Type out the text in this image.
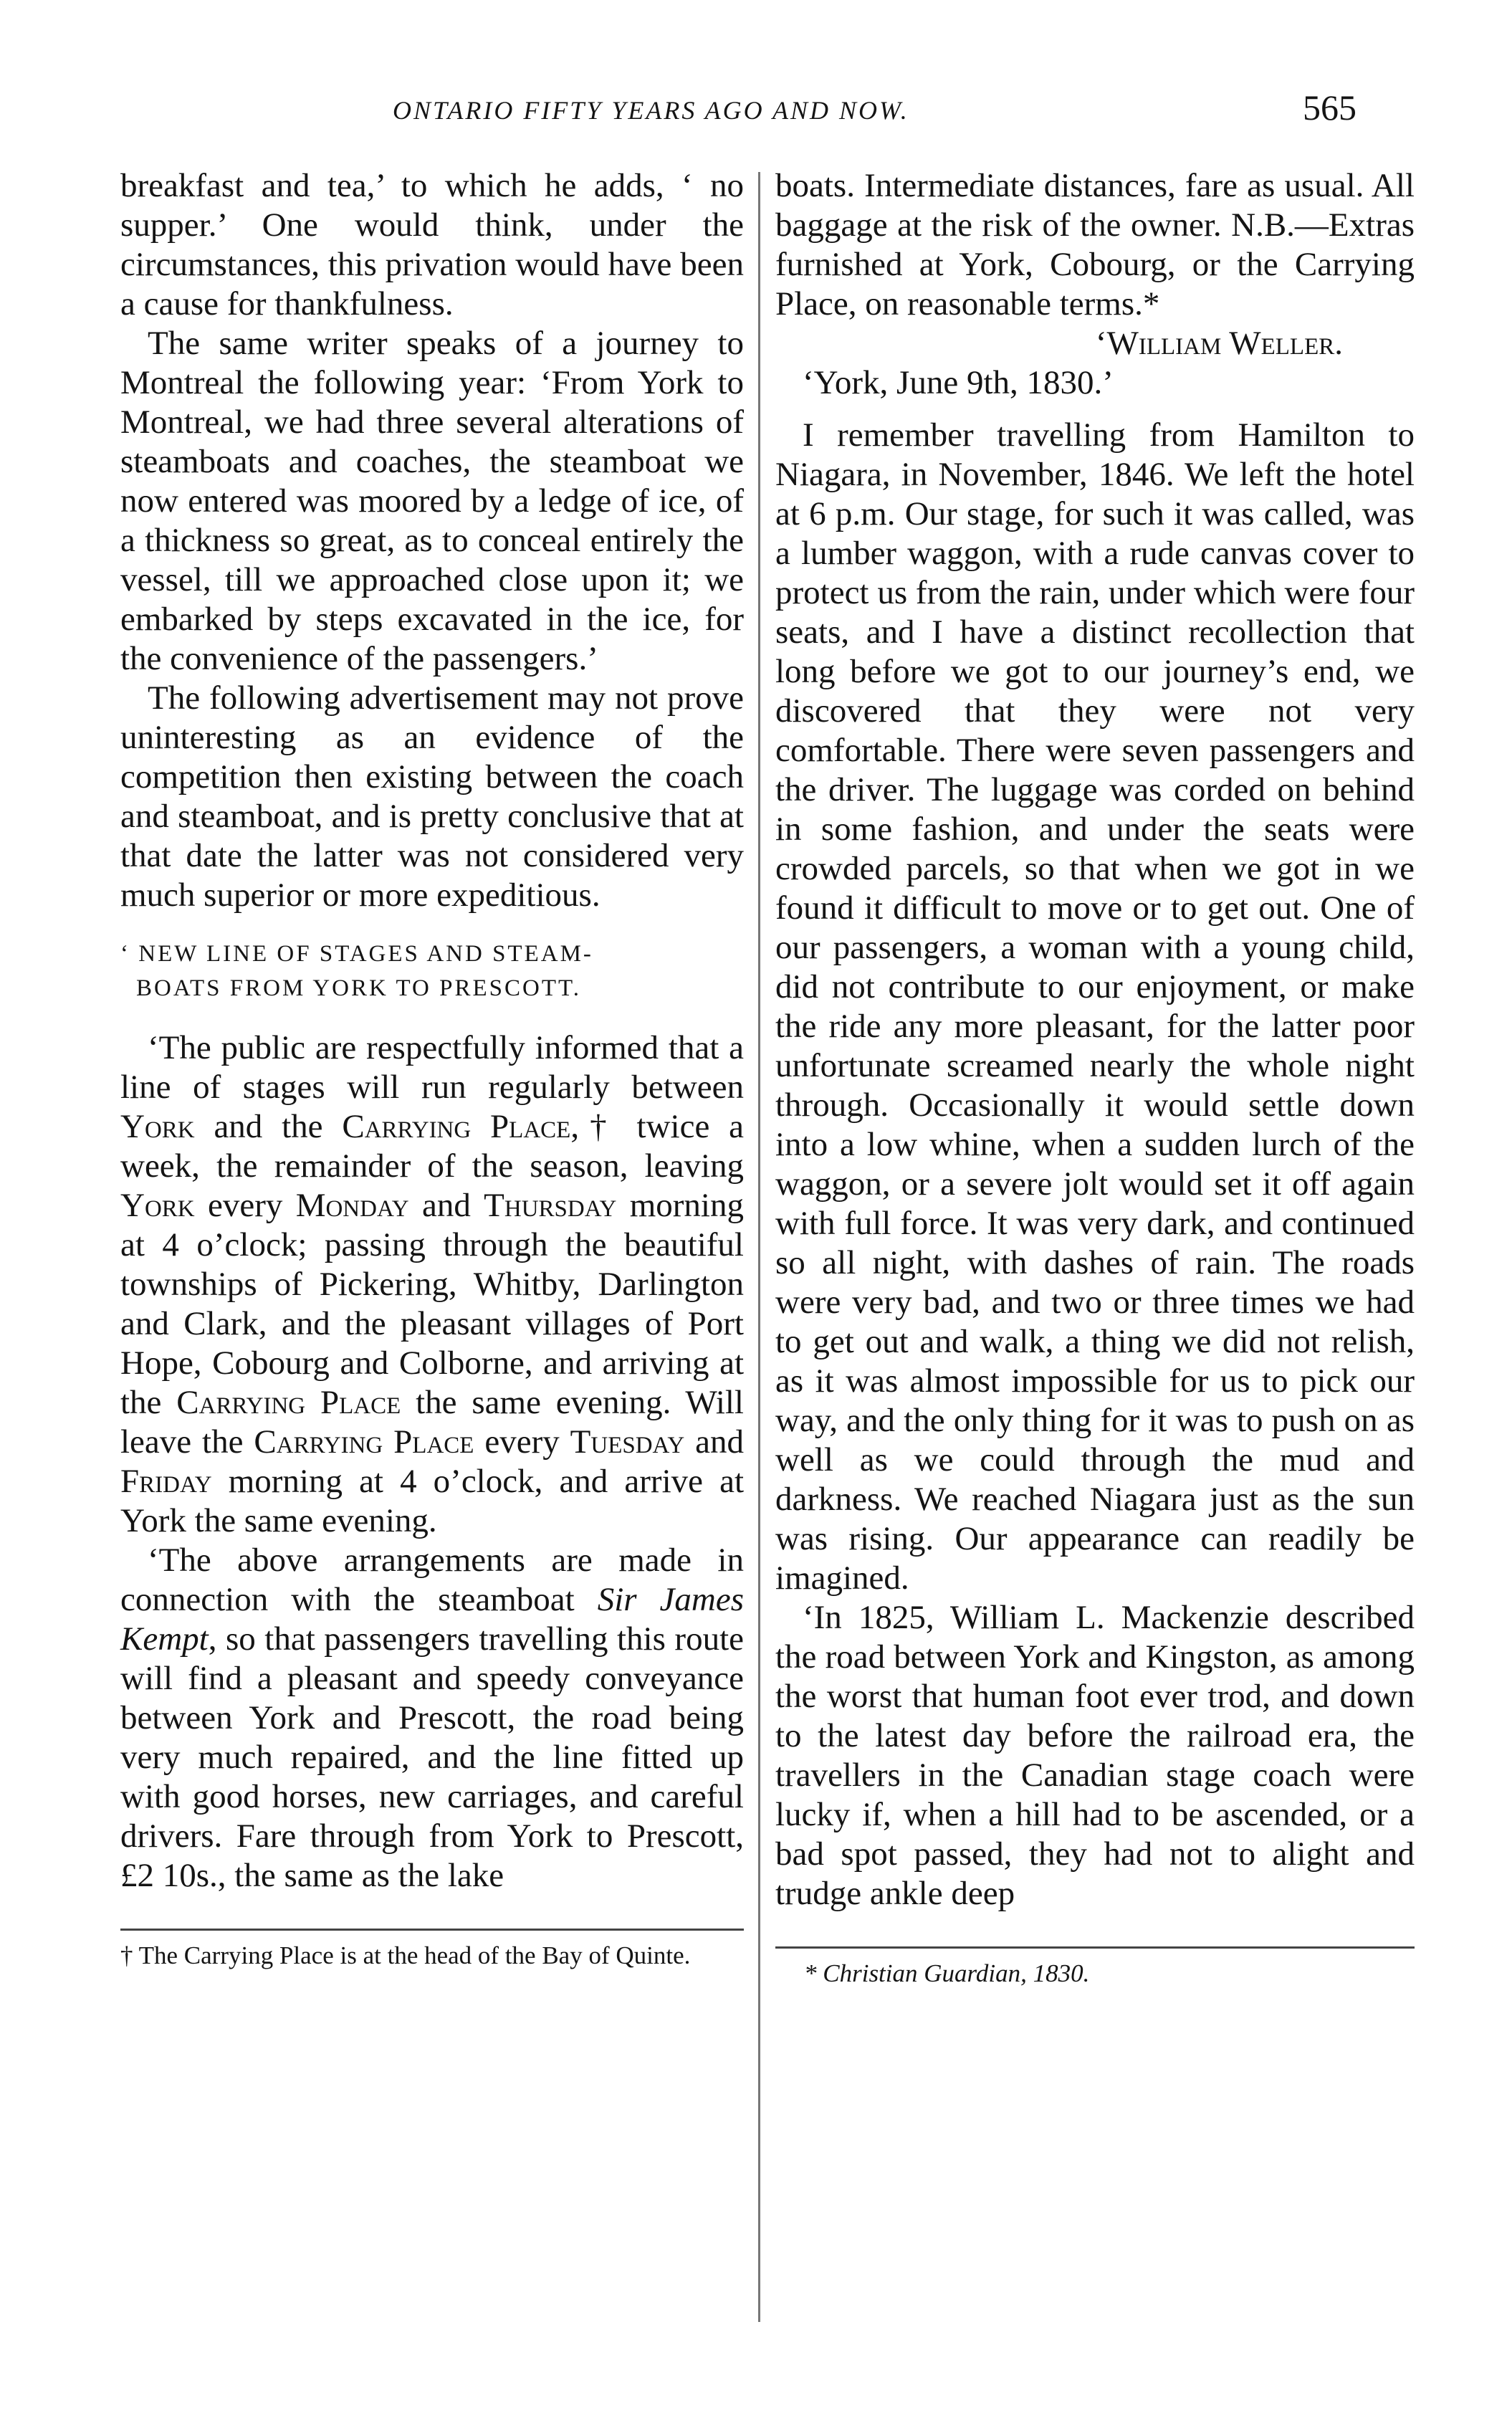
ONTARIO FIFTY YEARS AGO AND NOW.	565

breakfast and tea,’ to which he adds, ‘ no supper.’ One would think, under the circumstances, this privation would have been a cause for thankfulness.

The same writer speaks of a journey to Montreal the following year: ‘From York to Montreal, we had three several alterations of steamboats and coaches, the steamboat we now entered was moored by a ledge of ice, of a thickness so great, as to conceal entirely the vessel, till we approached close upon it; we embarked by steps excavated in the ice, for the convenience of the passengers.’

The following advertisement may not prove uninteresting as an evidence of the competition then existing between the coach and steamboat, and is pretty conclusive that at that date the latter was not considered very much superior or more expeditious.

‘ NEW LINE OF STAGES AND STEAM-
BOATS FROM YORK TO PRESCOTT.

‘The public are respectfully informed that a line of stages will run regularly between York and the Carrying Place,† twice a week, the remainder of the season, leaving York every Monday and Thursday morning at 4 o’clock; passing through the beautiful townships of Pickering, Whitby, Darlington and Clark, and the pleasant villages of Port Hope, Cobourg and Colborne, and arriving at the Carrying Place the same evening. Will leave the Carrying Place every Tuesday and Friday morning at 4 o’clock, and arrive at York the same evening.

‘The above arrangements are made in connection with the steamboat Sir James Kempt, so that passengers travelling this route will find a pleasant and speedy conveyance between York and Prescott, the road being very much repaired, and the line fitted up with good horses, new carriages, and careful drivers. Fare through from York to Prescott, £2 10s., the same as the lake

† The Carrying Place is at the head of the Bay of Quinte.

boats. Intermediate distances, fare as usual. All baggage at the risk of the owner. N.B.—Extras furnished at York, Cobourg, or the Carrying Place, on reasonable terms.*

‘William Weller.
‘York, June 9th, 1830.’

I remember travelling from Hamilton to Niagara, in November, 1846. We left the hotel at 6 p.m. Our stage, for such it was called, was a lumber waggon, with a rude canvas cover to protect us from the rain, under which were four seats, and I have a distinct recollection that long before we got to our journey’s end, we discovered that they were not very comfortable. There were seven passengers and the driver. The luggage was corded on behind in some fashion, and under the seats were crowded parcels, so that when we got in we found it difficult to move or to get out. One of our passengers, a woman with a young child, did not contribute to our enjoyment, or make the ride any more pleasant, for the latter poor unfortunate screamed nearly the whole night through. Occasionally it would settle down into a low whine, when a sudden lurch of the waggon, or a severe jolt would set it off again with full force. It was very dark, and continued so all night, with dashes of rain. The roads were very bad, and two or three times we had to get out and walk, a thing we did not relish, as it was almost impossible for us to pick our way, and the only thing for it was to push on as well as we could through the mud and darkness. We reached Niagara just as the sun was rising. Our appearance can readily be imagined.

‘In 1825, William L. Mackenzie described the road between York and Kingston, as among the worst that human foot ever trod, and down to the latest day before the railroad era, the travellers in the Canadian stage coach were lucky if, when a hill had to be ascended, or a bad spot passed, they had not to alight and trudge ankle deep

* Christian Guardian, 1830.
